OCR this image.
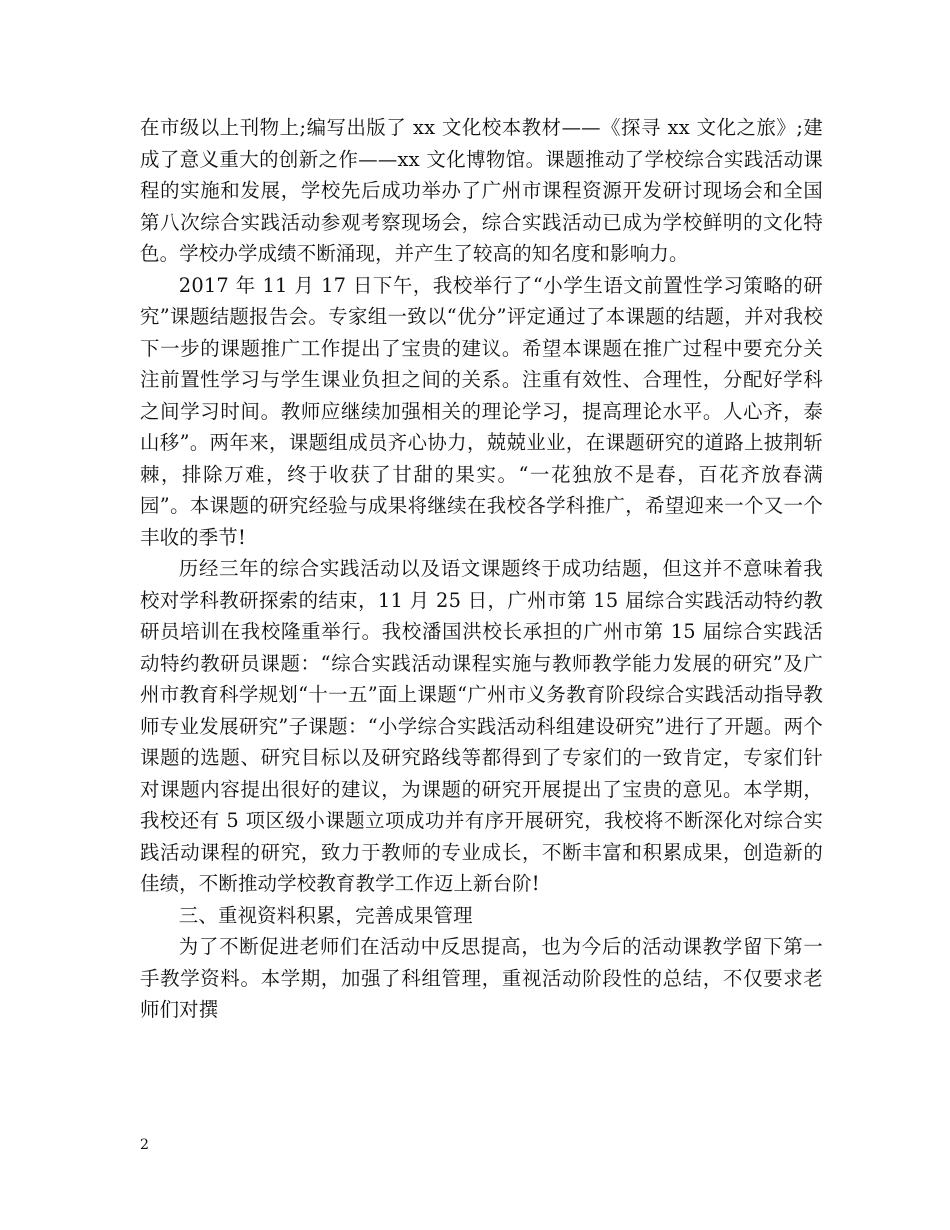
在市级以上刊物上;编写出版了 xx 文化校本教材——《探寻 xx 文化之旅》;建成了意义重大的创新之作——xx 文化博物馆。课题推动了学校综合实践活动课程的实施和发展，学校先后成功举办了广州市课程资源开发研讨现场会和全国第八次综合实践活动参观考察现场会，综合实践活动已成为学校鲜明的文化特色。学校办学成绩不断涌现，并产生了较高的知名度和影响力。

2017 年 11 月 17 日下午，我校举行了“小学生语文前置性学习策略的研究”课题结题报告会。专家组一致以“优分”评定通过了本课题的结题，并对我校下一步的课题推广工作提出了宝贵的建议。希望本课题在推广过程中要充分关注前置性学习与学生课业负担之间的关系。注重有效性、合理性，分配好学科之间学习时间。教师应继续加强相关的理论学习，提高理论水平。人心齐，泰山移”。两年来，课题组成员齐心协力，兢兢业业，在课题研究的道路上披荆斩棘，排除万难，终于收获了甘甜的果实。“一花独放不是春，百花齐放春满园”。本课题的研究经验与成果将继续在我校各学科推广，希望迎来一个又一个丰收的季节!

历经三年的综合实践活动以及语文课题终于成功结题，但这并不意味着我校对学科教研探索的结束，11 月 25 日，广州市第 15 届综合实践活动特约教研员培训在我校隆重举行。我校潘国洪校长承担的广州市第 15 届综合实践活动特约教研员课题：“综合实践活动课程实施与教师教学能力发展的研究”及广州市教育科学规划“十一五”面上课题“广州市义务教育阶段综合实践活动指导教师专业发展研究”子课题：“小学综合实践活动科组建设研究”进行了开题。两个课题的选题、研究目标以及研究路线等都得到了专家们的一致肯定，专家们针对课题内容提出很好的建议，为课题的研究开展提出了宝贵的意见。本学期，我校还有 5 项区级小课题立项成功并有序开展研究，我校将不断深化对综合实践活动课程的研究，致力于教师的专业成长，不断丰富和积累成果，创造新的佳绩，不断推动学校教育教学工作迈上新台阶!

三、重视资料积累，完善成果管理

为了不断促进老师们在活动中反思提高，也为今后的活动课教学留下第一手教学资料。本学期，加强了科组管理，重视活动阶段性的总结，不仅要求老师们对撰

2
